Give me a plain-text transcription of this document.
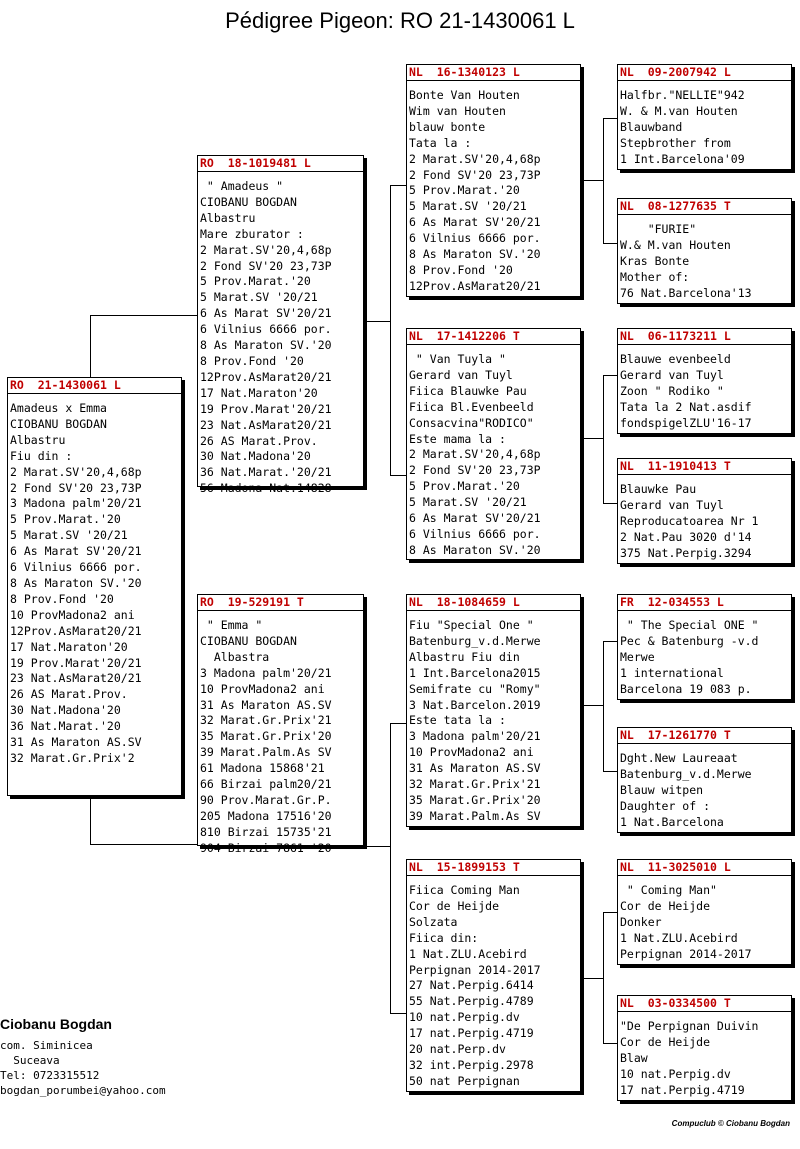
Pédigree Pigeon: RO 21-1430061 L
RO  21-1430061 L
Amadeus x Emma
CIOBANU BOGDAN
Albastru
Fiu din :
2 Marat.SV'20,4,68p
2 Fond SV'20 23,73P
3 Madona palm'20/21
5 Prov.Marat.'20
5 Marat.SV '20/21
6 As Marat SV'20/21
6 Vilnius 6666 por.
8 As Maraton SV.'20
8 Prov.Fond '20
10 ProvMadona2 ani
12Prov.AsMarat20/21
17 Nat.Maraton'20
19 Prov.Marat'20/21
23 Nat.AsMarat20/21
26 AS Marat.Prov.
30 Nat.Madona'20
36 Nat.Marat.'20
31 As Maraton AS.SV
32 Marat.Gr.Prix'2
RO  18-1019481 L
" Amadeus "
CIOBANU BOGDAN
Albastru
Mare zburator :
2 Marat.SV'20,4,68p
2 Fond SV'20 23,73P
5 Prov.Marat.'20
5 Marat.SV '20/21
6 As Marat SV'20/21
6 Vilnius 6666 por.
8 As Maraton SV.'20
8 Prov.Fond '20
12Prov.AsMarat20/21
17 Nat.Maraton'20
19 Prov.Marat'20/21
23 Nat.AsMarat20/21
26 AS Marat.Prov.
30 Nat.Madona'20
36 Nat.Marat.'20/21
56 Madona Nat.14828
RO  19-529191 T
" Emma "
CIOBANU BOGDAN
Albastra
3 Madona palm'20/21
10 ProvMadona2 ani
31 As Maraton AS.SV
32 Marat.Gr.Prix'21
35 Marat.Gr.Prix'20
39 Marat.Palm.As SV
61 Madona 15868'21
66 Birzai palm20/21
90 Prov.Marat.Gr.P.
205 Madona 17516'20
810 Birzai 15735'21
904 Birzai 7861 '20
NL  16-1340123 L
Bonte Van Houten
Wim van Houten
blauw bonte
Tata la :
2 Marat.SV'20,4,68p
2 Fond SV'20 23,73P
5 Prov.Marat.'20
5 Marat.SV '20/21
6 As Marat SV'20/21
6 Vilnius 6666 por.
8 As Maraton SV.'20
8 Prov.Fond '20
12Prov.AsMarat20/21
NL  17-1412206 T
" Van Tuyla "
Gerard van Tuyl
Fiica Blauwke Pau
Fiica Bl.Evenbeeld
Consacvina"RODICO"
Este mama la :
2 Marat.SV'20,4,68p
2 Fond SV'20 23,73P
5 Prov.Marat.'20
5 Marat.SV '20/21
6 As Marat SV'20/21
6 Vilnius 6666 por.
8 As Maraton SV.'20
NL  18-1084659 L
Fiu "Special One "
Batenburg_v.d.Merwe
Albastru Fiu din
1 Int.Barcelona2015
Semifrate cu "Romy"
3 Nat.Barcelon.2019
Este tata la :
3 Madona palm'20/21
10 ProvMadona2 ani
31 As Maraton AS.SV
32 Marat.Gr.Prix'21
35 Marat.Gr.Prix'20
39 Marat.Palm.As SV
NL  15-1899153 T
Fiica Coming Man
Cor de Heijde
Solzata
Fiica din:
1 Nat.ZLU.Acebird
Perpignan 2014-2017
27 Nat.Perpig.6414
55 Nat.Perpig.4789
10 nat.Perpig.dv
17 nat.Perpig.4719
20 nat.Perp.dv
32 int.Perpig.2978
50 nat Perpignan
NL  09-2007942 L
Halfbr."NELLIE"942
W. & M.van Houten
Blauwband
Stepbrother from
1 Int.Barcelona'09
NL  08-1277635 T
"FURIE"
W.& M.van Houten
Kras Bonte
Mother of:
76 Nat.Barcelona'13
NL  06-1173211 L
Blauwe evenbeeld
Gerard van Tuyl
Zoon " Rodiko "
Tata la 2 Nat.asdif
fondspigelZLU'16-17
NL  11-1910413 T
Blauwke Pau
Gerard van Tuyl
Reproducatoarea Nr 1
2 Nat.Pau 3020 d'14
375 Nat.Perpig.3294
FR  12-034553 L
" The Special ONE "
Pec & Batenburg -v.d
Merwe
1 international
Barcelona 19 083 p.
NL  17-1261770 T
Dght.New Laureaat
Batenburg_v.d.Merwe
Blauw witpen
Daughter of :
1 Nat.Barcelona
NL  11-3025010 L
" Coming Man"
Cor de Heijde
Donker
1 Nat.ZLU.Acebird
Perpignan 2014-2017
NL  03-0334500 T
"De Perpignan Duivin
Cor de Heijde
Blaw
10 nat.Perpig.dv
17 nat.Perpig.4719
Ciobanu Bogdan
com. Siminicea
Suceava
Tel: 0723315512
bogdan_porumbei@yahoo.com
Compuclub © Ciobanu Bogdan
